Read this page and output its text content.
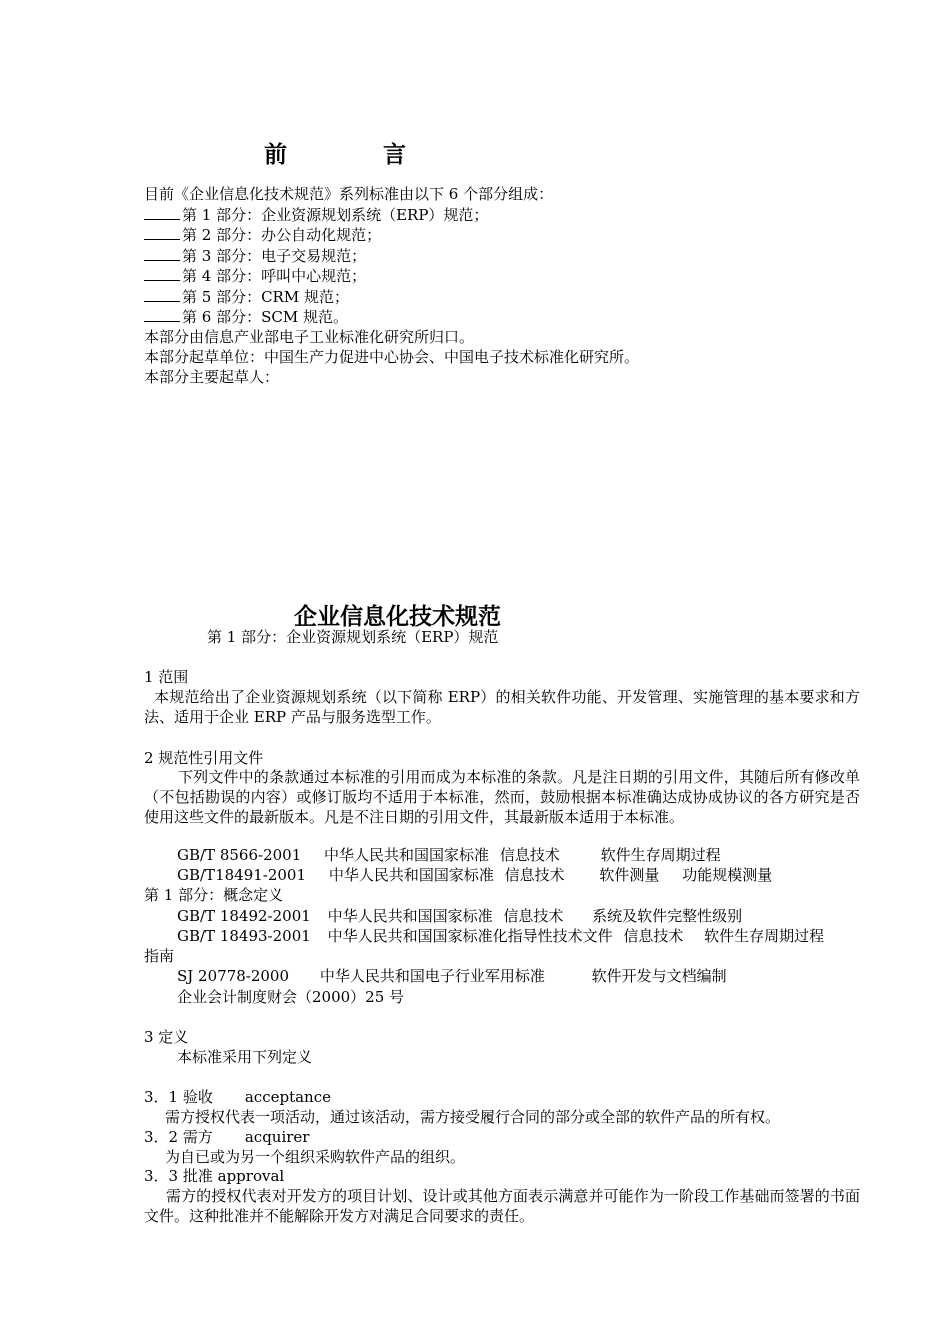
前	言
目前《企业信息化技术规范》系列标准由以下 6 个部分组成：
第 1 部分：企业资源规划系统（ERP）规范；
第 2 部分：办公自动化规范；
第 3 部分：电子交易规范；
第 4 部分：呼叫中心规范；
第 5 部分：CRM 规范；
第 6 部分：SCM 规范。
本部分由信息产业部电子工业标准化研究所归口。
本部分起草单位：中国生产力促进中心协会、中国电子技术标准化研究所。
本部分主要起草人：
企业信息化技术规范
第 1 部分：企业资源规划系统（ERP）规范
1 范围
本规范给出了企业资源规划系统（以下简称 ERP）的相关软件功能、开发管理、实施管理的基本要求和方法、适用于企业 ERP 产品与服务选型工作。
2 规范性引用文件
下列文件中的条款通过本标准的引用而成为本标准的条款。凡是注日期的引用文件，其随后所有修改单（不包括勘误的内容）或修订版均不适用于本标准，然而，鼓励根据本标准确达成协成协议的各方研究是否使用这些文件的最新版本。凡是不注日期的引用文件，其最新版本适用于本标准。
GB/T 8566-2001 中华人民共和国国家标准 信息技术	软件生存周期过程
GB/T18491-2001 中华人民共和国国家标准 信息技术 软件测量 功能规模测量
第 1 部分：概念定义
GB/T 18492-2001 中华人民共和国国家标准 信息技术 系统及软件完整性级别
GB/T 18493-2001 中华人民共和国国家标准化指导性技术文件 信息技术 软件生存周期过程
指南
SJ 20778-2000 中华人民共和国电子行业军用标准	软件开发与文档编制
企业会计制度财会（2000）25 号
3 定义
本标准采用下列定义
3．1 验收 acceptance
需方授权代表一项活动，通过该活动，需方接受履行合同的部分或全部的软件产品的所有权。
3．2 需方 acquirer
为自已或为另一个组织采购软件产品的组织。
3．3 批准 approval
需方的授权代表对开发方的项目计划、设计或其他方面表示满意并可能作为一阶段工作基础而签署的书面文件。这种批准并不能解除开发方对满足合同要求的责任。
